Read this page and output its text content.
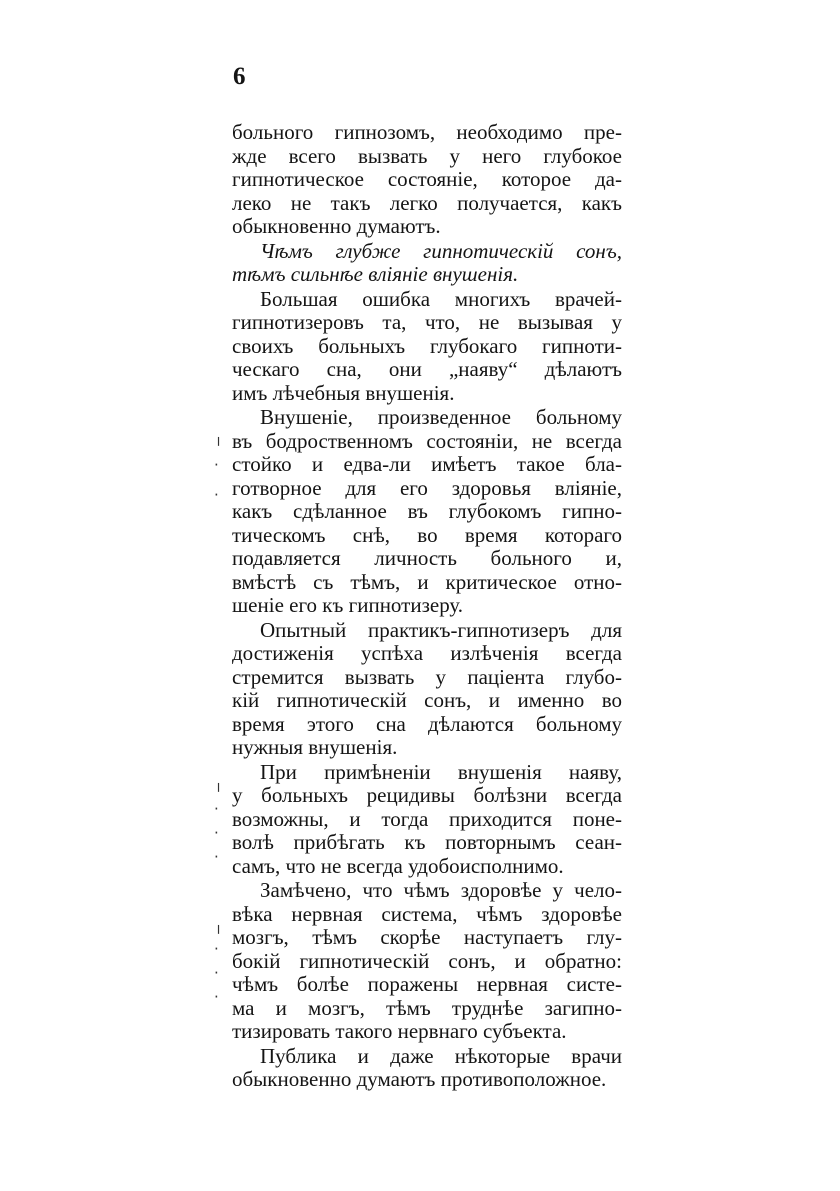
6
больного гипнозомъ, необходимо пре-
жде всего вызвать у него глубокое
гипнотическое состояніе, которое да-
леко не такъ легко получается, какъ
обыкновенно думаютъ.
Чѣмъ глубже гипнотическій сонъ,
тѣмъ сильнѣе вліяніе внушенія.
Большая ошибка многихъ врачей-
гипнотизеровъ та, что, не вызывая у
своихъ больныхъ глубокаго гипноти-
ческаго сна, они „наяву“ дѣлаютъ
имъ лѣчебныя внушенія.
Внушеніе, произведенное больному
въ бодроственномъ состояніи, не всегда
стойко и едва-ли имѣетъ такое бла-
готворное для его здоровья вліяніе,
какъ сдѣланное въ глубокомъ гипно-
тическомъ снѣ, во время котораго
подавляется личность больного и,
вмѣстѣ съ тѣмъ, и критическое отно-
шеніе его къ гипнотизеру.
Опытный практикъ-гипнотизеръ для
достиженія успѣха излѣченія всегда
стремится вызвать у паціента глубо-
кій гипнотическій сонъ, и именно во
время этого сна дѣлаются больному
нужныя внушенія.
При примѣненіи внушенія наяву,
у больныхъ рецидивы болѣзни всегда
возможны, и тогда приходится поне-
волѣ прибѣгать къ повторнымъ сеан-
самъ, что не всегда удобоисполнимо.
Замѣчено, что чѣмъ здоровѣе у чело-
вѣка нервная система, чѣмъ здоровѣе
мозгъ, тѣмъ скорѣе наступаетъ глу-
бокій гипнотическій сонъ, и обратно:
чѣмъ болѣе поражены нервная систе-
ма и мозгъ, тѣмъ труднѣе загипно-
тизировать такого нервнаго субъекта.
Публика и даже нѣкоторые врачи
обыкновенно думаютъ противоположное.
╷
·
·
╷
·
·
·
╷
·
·
·
